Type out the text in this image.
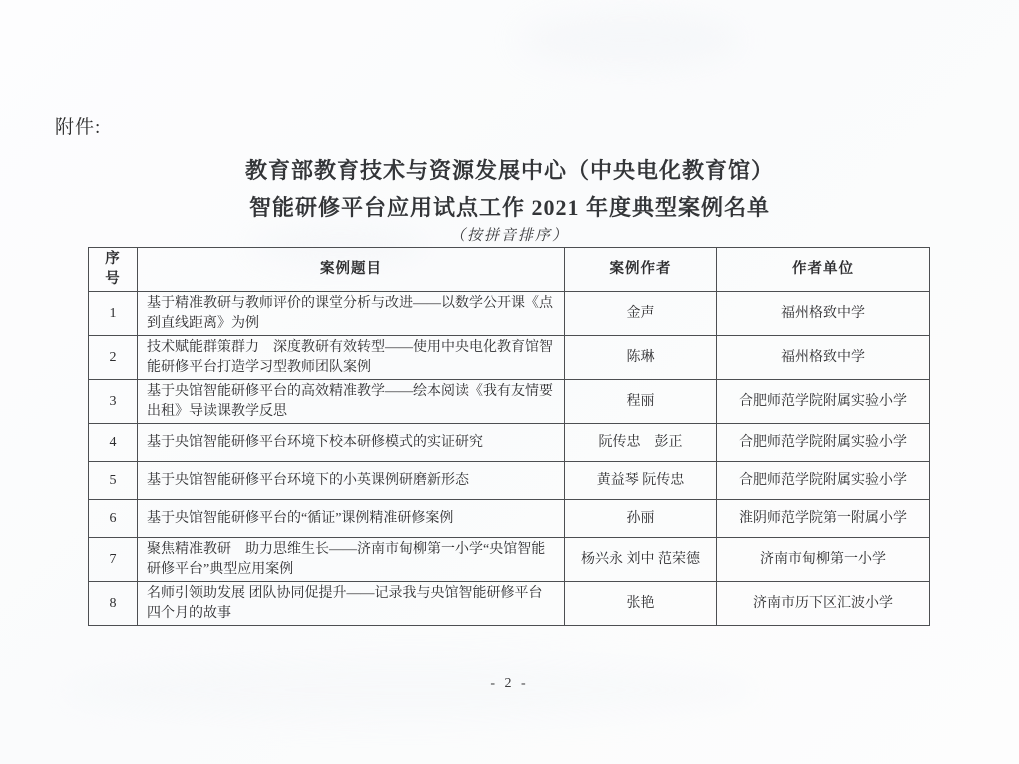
附件:
教育部教育技术与资源发展中心（中央电化教育馆）
智能研修平台应用试点工作 2021 年度典型案例名单
（按拼音排序）
序号	案例题目	案例作者	作者单位
1	基于精准教研与教师评价的课堂分析与改进——以数学公开课《点到直线距离》为例	金声	福州格致中学
2	技术赋能群策群力　深度教研有效转型——使用中央电化教育馆智能研修平台打造学习型教师团队案例	陈琳	福州格致中学
3	基于央馆智能研修平台的高效精准教学——绘本阅读《我有友情要出租》导读课教学反思	程丽	合肥师范学院附属实验小学
4	基于央馆智能研修平台环境下校本研修模式的实证研究	阮传忠　彭正	合肥师范学院附属实验小学
5	基于央馆智能研修平台环境下的小英课例研磨新形态	黄益琴 阮传忠	合肥师范学院附属实验小学
6	基于央馆智能研修平台的“循证”课例精准研修案例	孙丽	淮阴师范学院第一附属小学
7	聚焦精准教研　助力思维生长——济南市甸柳第一小学“央馆智能研修平台”典型应用案例	杨兴永 刘中 范荣德	济南市甸柳第一小学
8	名师引领助发展 团队协同促提升——记录我与央馆智能研修平台四个月的故事	张艳	济南市历下区汇波小学
- 2 -
